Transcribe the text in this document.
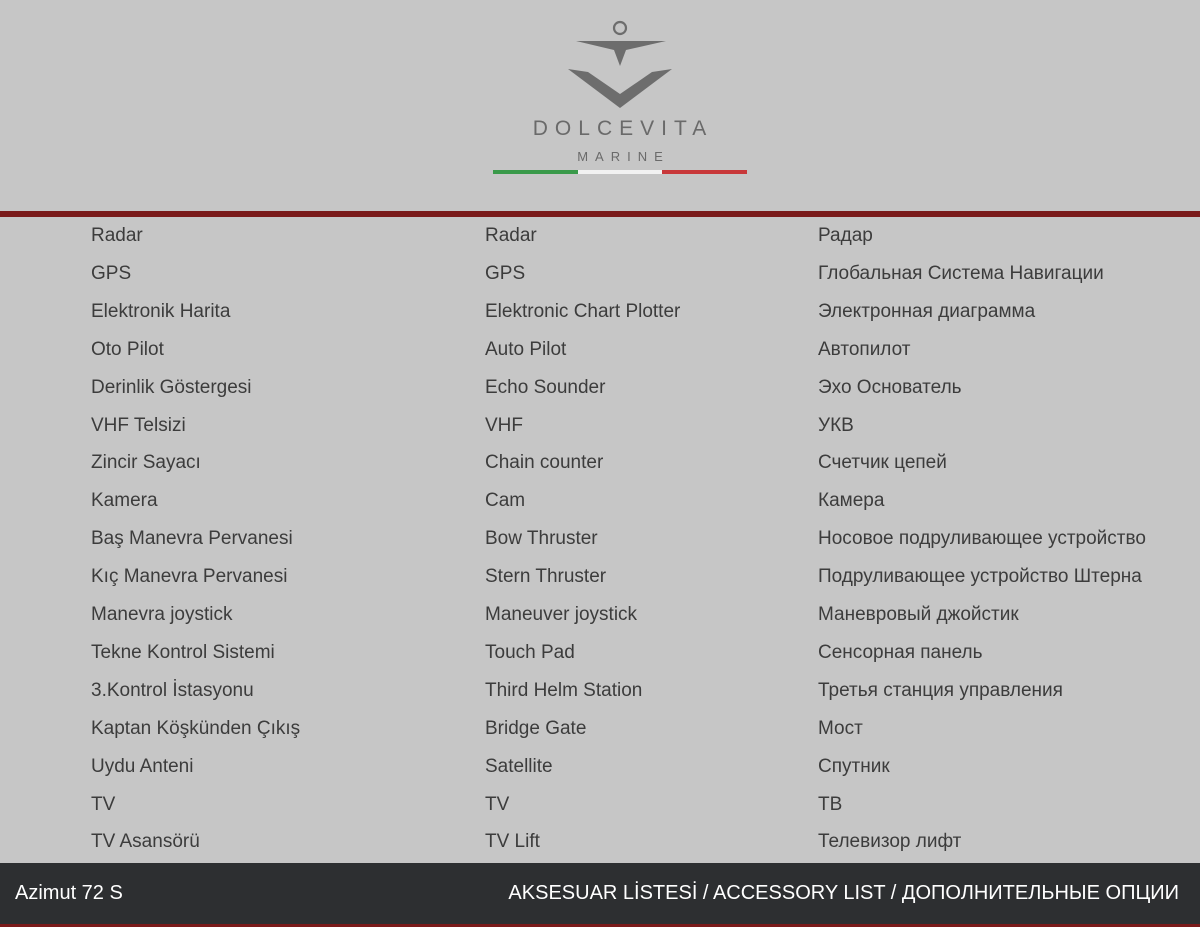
DOLCEVITA
MARINE
Radar	Radar	Радар
GPS	GPS	Глобальная Система Навигации
Elektronik Harita	Elektronic Chart Plotter	Электронная диаграмма
Oto Pilot	Auto Pilot	Автопилот
Derinlik Göstergesi	Echo Sounder	Эхо Основатель
VHF Telsizi	VHF	УКВ
Zincir Sayacı	Chain counter	Счетчик цепей
Kamera	Cam	Камера
Baş Manevra Pervanesi	Bow Thruster	Носовое подруливающее устройство
Kıç Manevra Pervanesi	Stern Thruster	Подруливающее устройство Штерна
Manevra joystick	Maneuver joystick	Маневровый джойстик
Tekne Kontrol Sistemi	Touch Pad	Сенсорная панель
3.Kontrol İstasyonu	Third Helm Station	Третья станция управления
Kaptan Köşkünden Çıkış	Bridge Gate	Мост
Uydu Anteni	Satellite	Спутник
TV	TV	ТВ
TV Asansörü	TV Lift	Телевизор лифт
Azimut 72 S	AKSESUAR LİSTESİ / ACCESSORY LIST / ДОПОЛНИТЕЛЬНЫЕ ОПЦИИ
